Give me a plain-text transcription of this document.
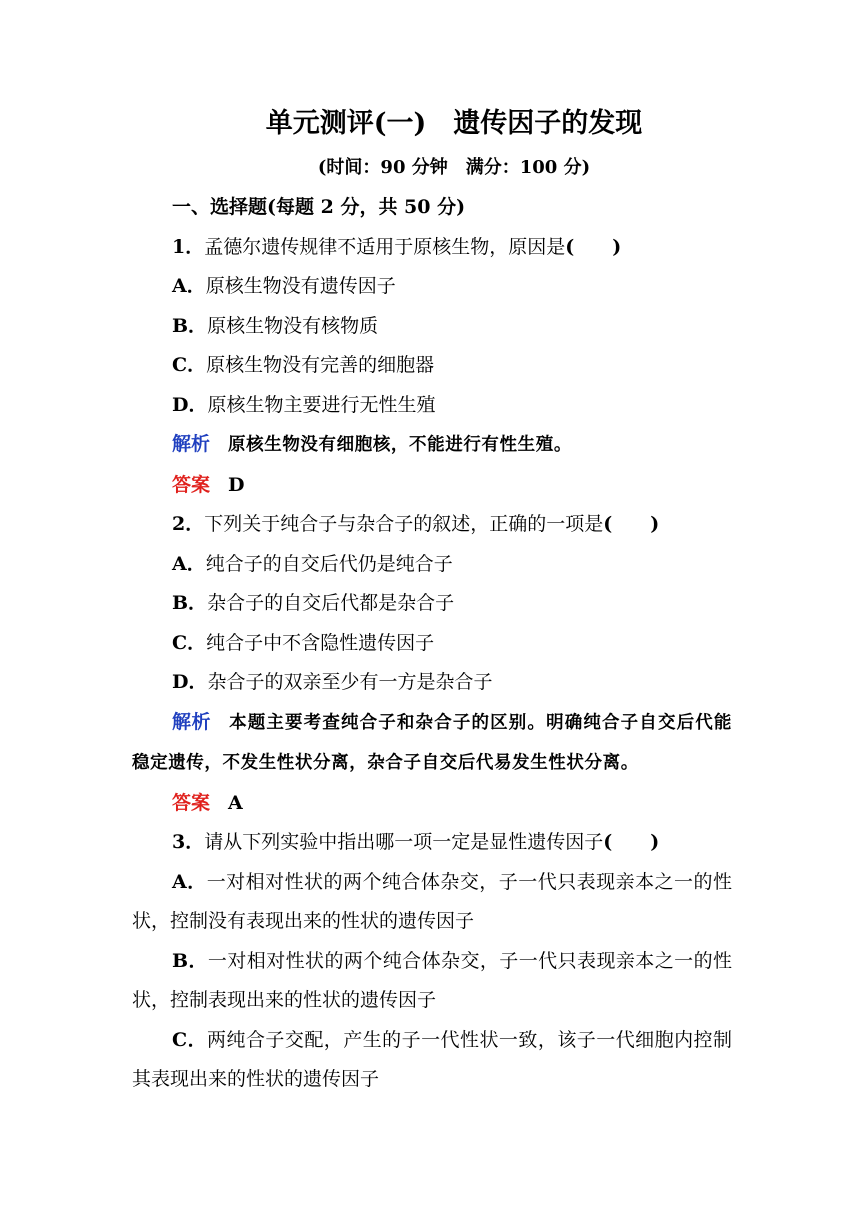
单元测评(一)　遗传因子的发现
(时间：90 分钟　满分：100 分)
一、选择题(每题 2 分，共 50 分)
1．孟德尔遗传规律不适用于原核生物，原因是(　　)
A．原核生物没有遗传因子
B．原核生物没有核物质
C．原核生物没有完善的细胞器
D．原核生物主要进行无性生殖
解析 原核生物没有细胞核，不能进行有性生殖。
答案 D
2．下列关于纯合子与杂合子的叙述，正确的一项是(　　)
A．纯合子的自交后代仍是纯合子
B．杂合子的自交后代都是杂合子
C．纯合子中不含隐性遗传因子
D．杂合子的双亲至少有一方是杂合子
解析 本题主要考查纯合子和杂合子的区别。明确纯合子自交后代能稳定遗传，不发生性状分离，杂合子自交后代易发生性状分离。
答案 A
3．请从下列实验中指出哪一项一定是显性遗传因子(　　)
A．一对相对性状的两个纯合体杂交，子一代只表现亲本之一的性状，控制没有表现出来的性状的遗传因子
B．一对相对性状的两个纯合体杂交，子一代只表现亲本之一的性状，控制表现出来的性状的遗传因子
C．两纯合子交配，产生的子一代性状一致，该子一代细胞内控制其表现出来的性状的遗传因子
